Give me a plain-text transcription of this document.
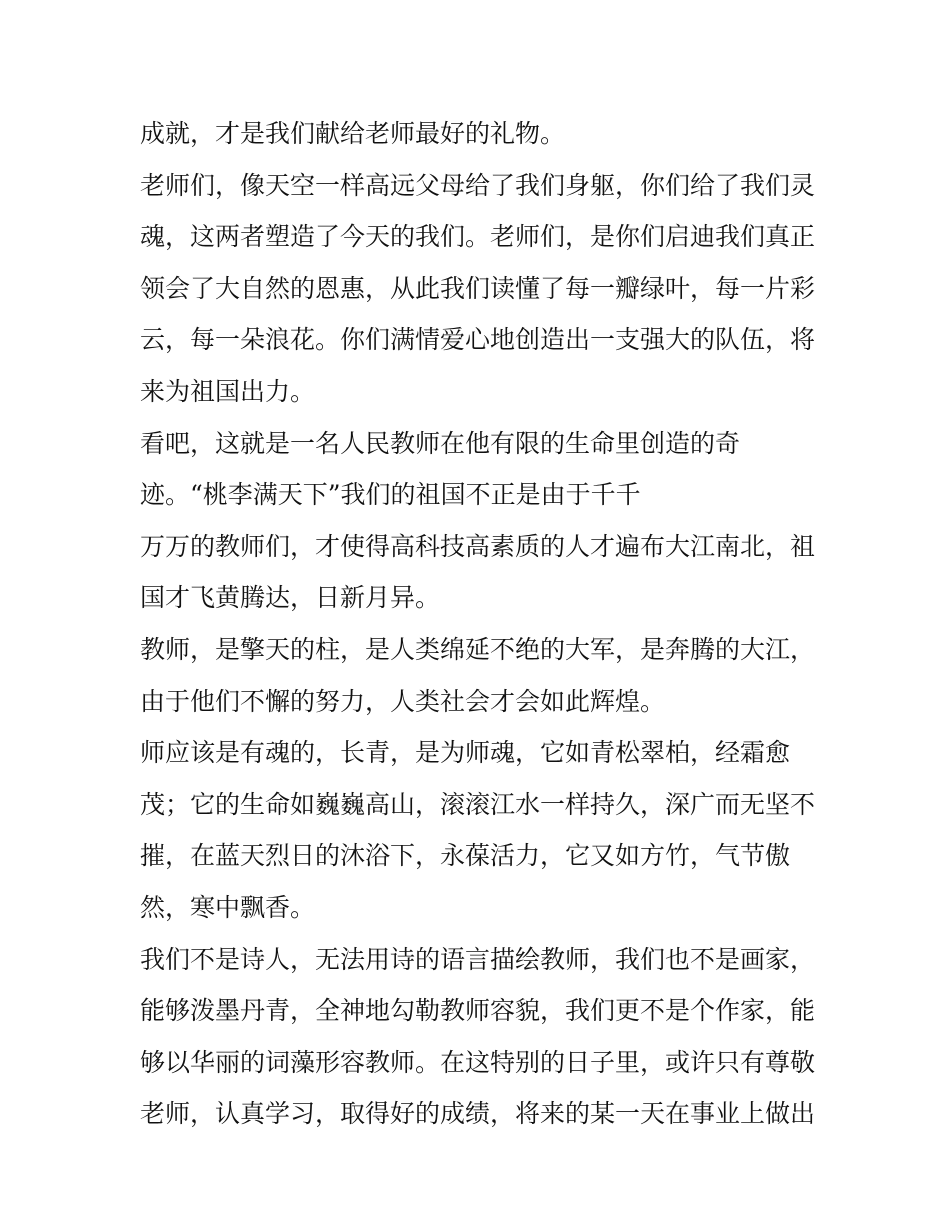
成就，才是我们献给老师最好的礼物。
老师们，像天空一样高远父母给了我们身躯，你们给了我们灵
魂，这两者塑造了今天的我们。老师们，是你们启迪我们真正
领会了大自然的恩惠，从此我们读懂了每一瓣绿叶，每一片彩
云，每一朵浪花。你们满情爱心地创造出一支强大的队伍，将
来为祖国出力。
看吧，这就是一名人民教师在他有限的生命里创造的奇
迹。“桃李满天下”我们的祖国不正是由于千千
万万的教师们，才使得高科技高素质的人才遍布大江南北，祖
国才飞黄腾达，日新月异。
教师，是擎天的柱，是人类绵延不绝的大军，是奔腾的大江，
由于他们不懈的努力，人类社会才会如此辉煌。
师应该是有魂的，长青，是为师魂，它如青松翠柏，经霜愈
茂；它的生命如巍巍高山，滚滚江水一样持久，深广而无坚不
摧，在蓝天烈日的沐浴下，永葆活力，它又如方竹，气节傲
然，寒中飘香。
我们不是诗人，无法用诗的语言描绘教师，我们也不是画家，
能够泼墨丹青，全神地勾勒教师容貌，我们更不是个作家，能
够以华丽的词藻形容教师。在这特别的日子里，或许只有尊敬
老师，认真学习，取得好的成绩，将来的某一天在事业上做出
